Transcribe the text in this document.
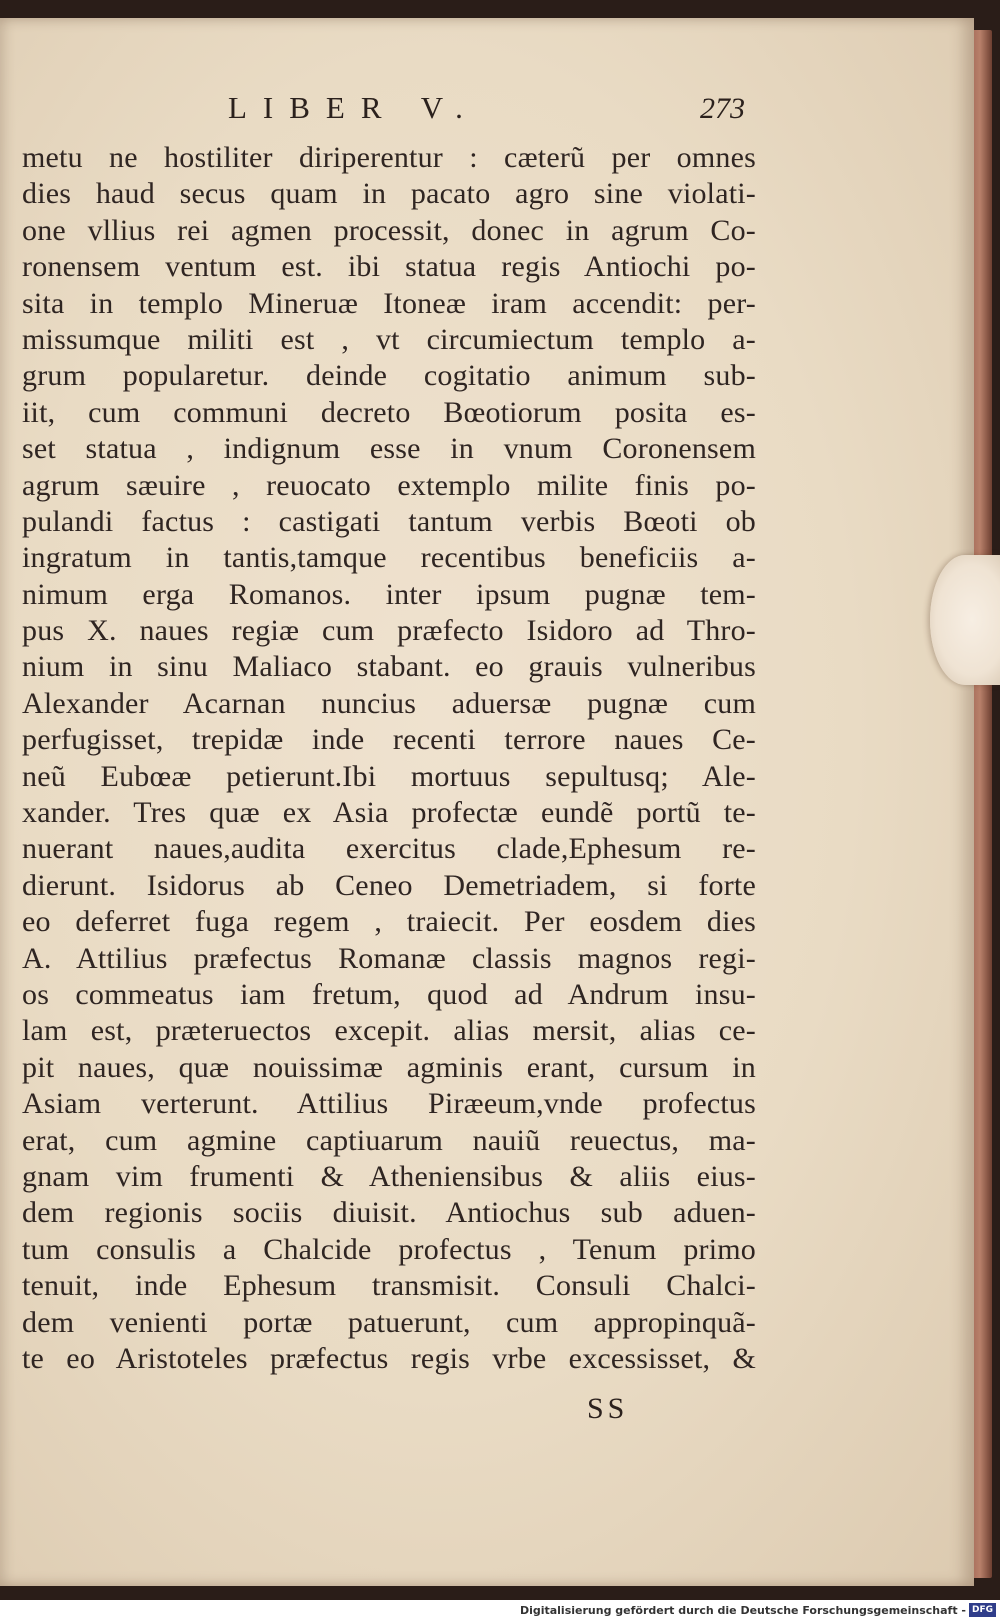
LIBER V.	273
metu ne hostiliter diriperentur : cæterũ per omnes
dies haud secus quam in pacato agro sine violati-
one vllius rei agmen processit, donec in agrum Co-
ronensem ventum est. ibi statua regis Antiochi po-
sita in templo Mineruæ Itoneæ iram accendit: per-
missumque militi est , vt circumiectum templo a-
grum popularetur. deinde cogitatio animum sub-
iit, cum communi decreto Bœotiorum posita es-
set statua , indignum esse in vnum Coronensem
agrum sæuire , reuocato extemplo milite finis po-
pulandi factus : castigati tantum verbis Bœoti ob
ingratum in tantis,tamque recentibus beneficiis a-
nimum erga Romanos. inter ipsum pugnæ tem-
pus X. naues regiæ cum præfecto Isidoro ad Thro-
nium in sinu Maliaco stabant. eo grauis vulneribus
Alexander Acarnan nuncius aduersæ pugnæ cum
perfugisset, trepidæ inde recenti terrore naues Ce-
neũ Eubœæ petierunt.Ibi mortuus sepultusq; Ale-
xander. Tres quæ ex Asia profectæ eundẽ portũ te-
nuerant naues,audita exercitus clade,Ephesum re-
dierunt. Isidorus ab Ceneo Demetriadem, si forte
eo deferret fuga regem , traiecit. Per eosdem dies
A. Attilius præfectus Romanæ classis magnos regi-
os commeatus iam fretum, quod ad Andrum insu-
lam est, præteruectos excepit. alias mersit, alias ce-
pit naues, quæ nouissimæ agminis erant, cursum in
Asiam verterunt. Attilius Piræeum,vnde profectus
erat, cum agmine captiuarum nauiũ reuectus, ma-
gnam vim frumenti & Atheniensibus & aliis eius-
dem regionis sociis diuisit. Antiochus sub aduen-
tum consulis a Chalcide profectus , Tenum primo
tenuit, inde Ephesum transmisit. Consuli Chalci-
dem venienti portæ patuerunt, cum appropinquã-
te eo Aristoteles præfectus regis vrbe excessisset, &
SS
Digitalisierung gefördert durch die Deutsche Forschungsgemeinschaft - DFG
